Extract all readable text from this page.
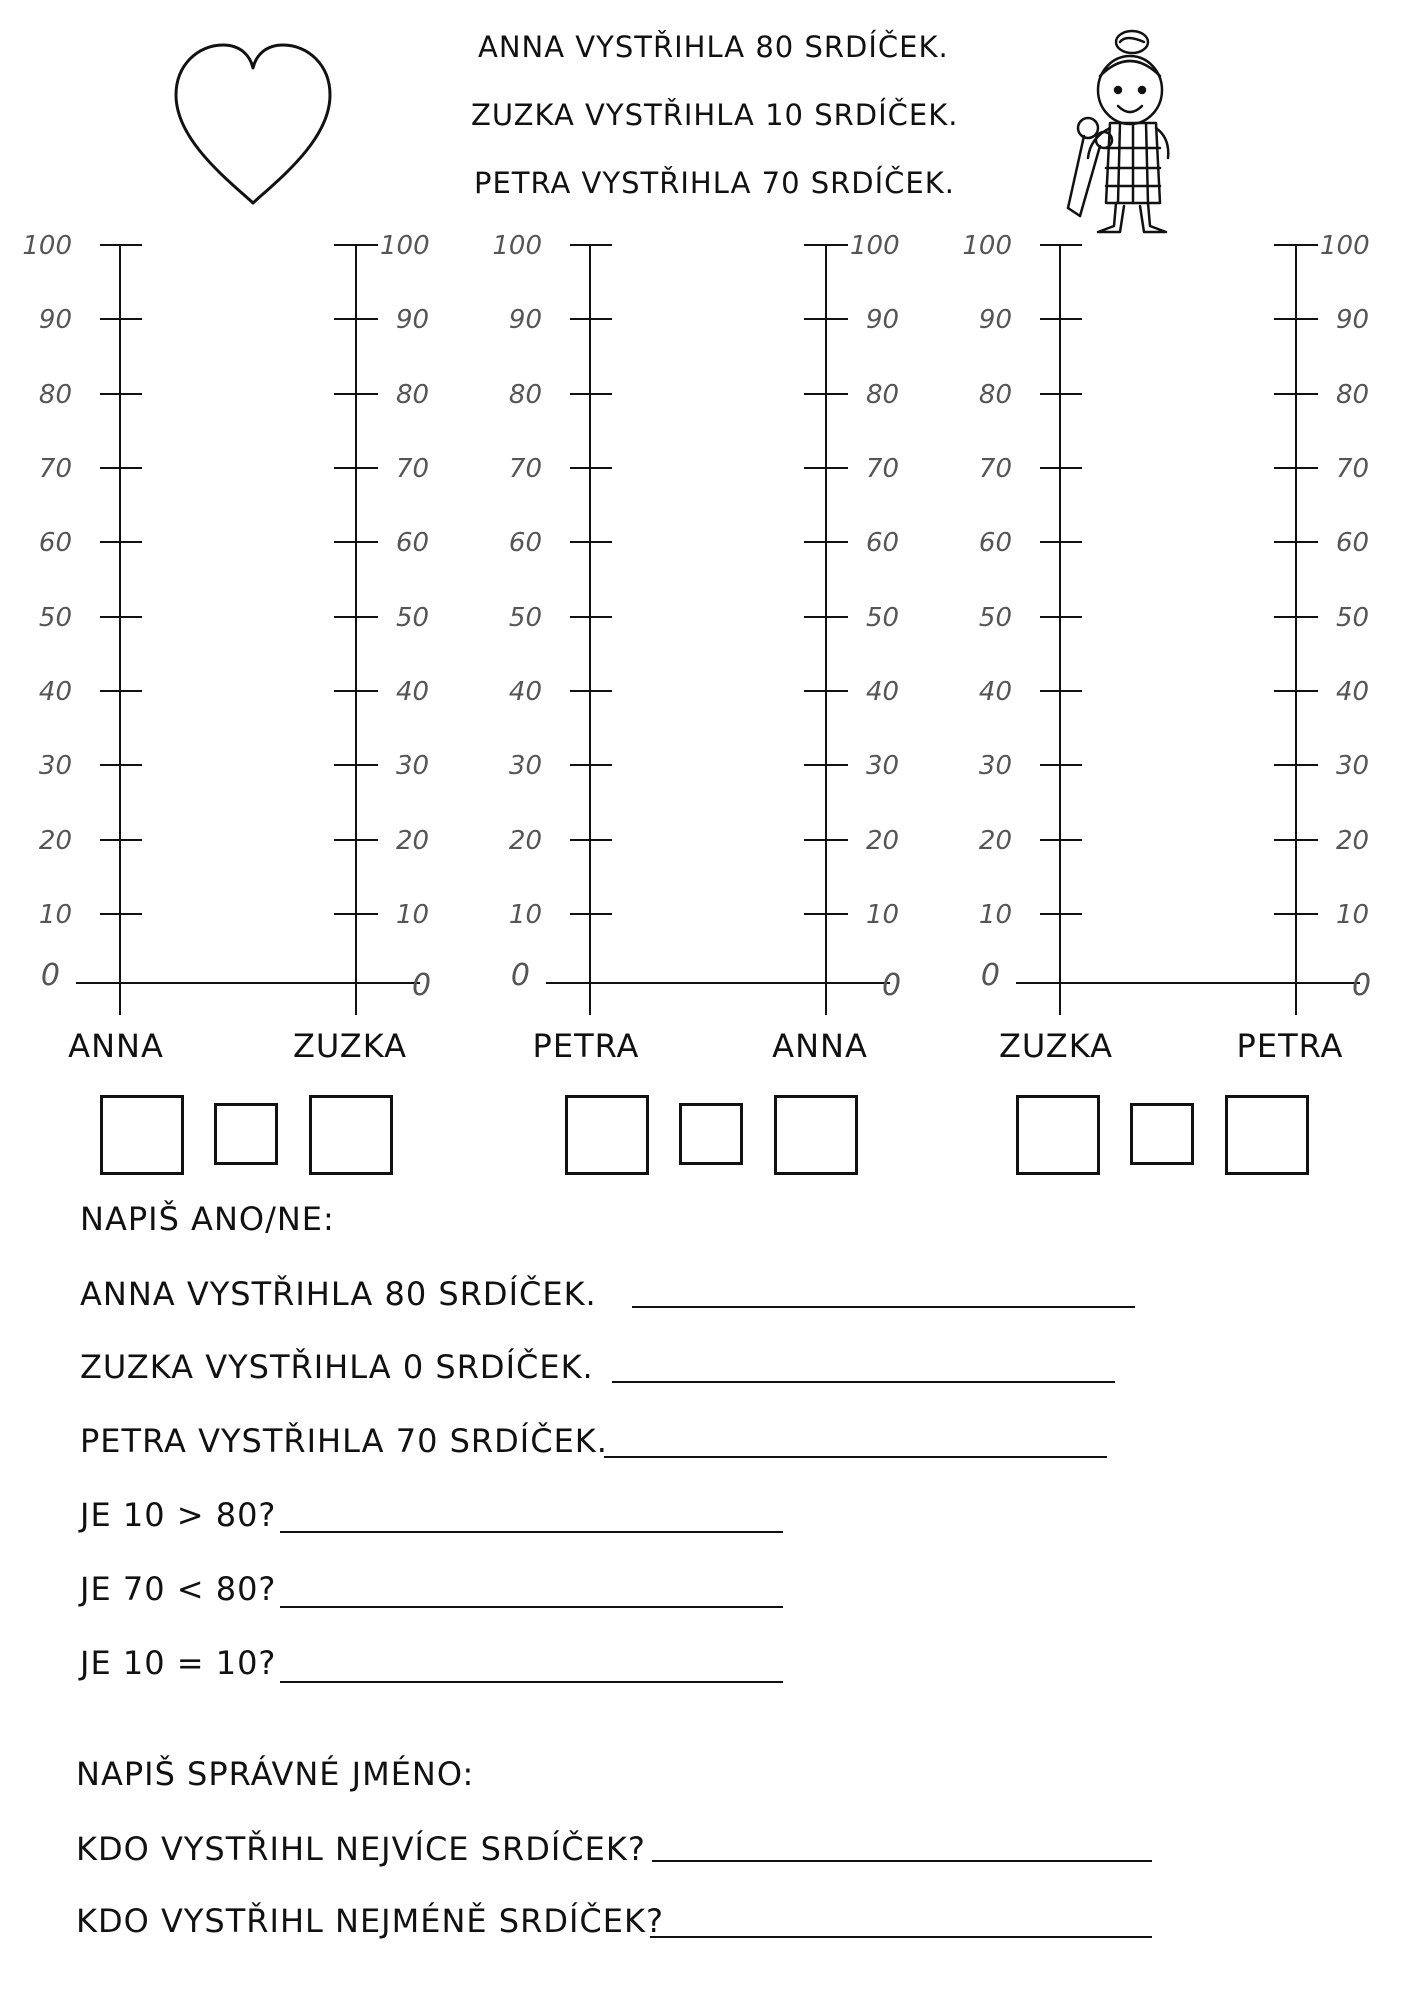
ANNA VYSTŘIHLA 80 SRDÍČEK.
ZUZKA VYSTŘIHLA 10 SRDÍČEK.
PETRA VYSTŘIHLA 70 SRDÍČEK.
100
90
80
70
60
50
40
30
20
10
0
100
90
80
70
60
50
40
30
20
10
0
ANNA	ZUZKA
100
90
80
70
60
50
40
30
20
10
0
100
90
80
70
60
50
40
30
20
10
0
PETRA	ANNA
100
90
80
70
60
50
40
30
20
10
0
100
90
80
70
60
50
40
30
20
10
0
ZUZKA	PETRA
NAPIŠ ANO/NE:
ANNA VYSTŘIHLA 80 SRDÍČEK.
ZUZKA VYSTŘIHLA 0 SRDÍČEK.
PETRA VYSTŘIHLA 70 SRDÍČEK.
JE 10 > 80?
JE 70 < 80?
JE 10 = 10?
NAPIŠ SPRÁVNÉ JMÉNO:
KDO VYSTŘIHL NEJVÍCE SRDÍČEK?
KDO VYSTŘIHL NEJMÉNĚ SRDÍČEK?
